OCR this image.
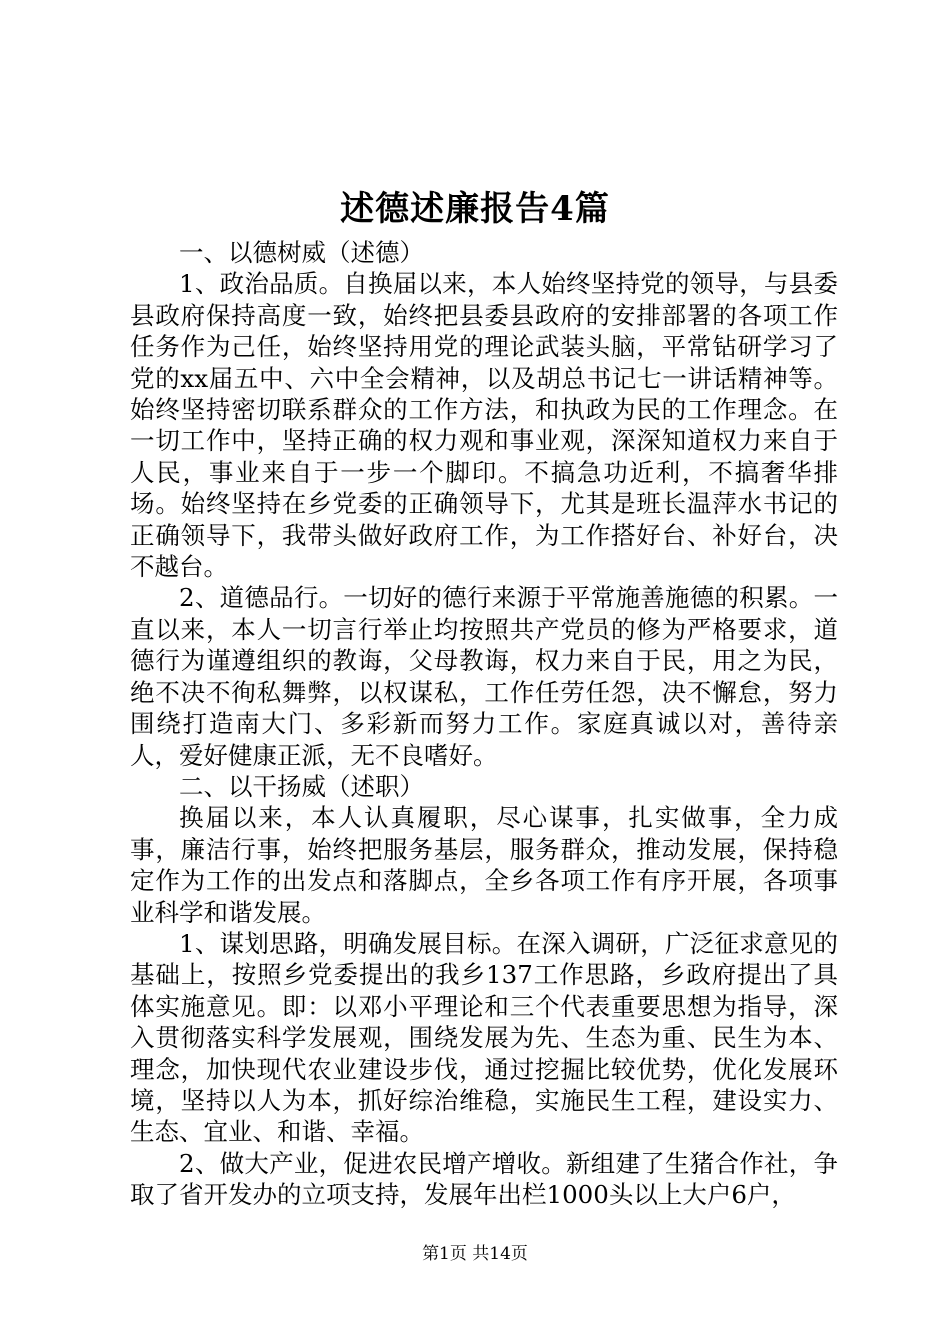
述德述廉报告4篇

一、以德树威（述德）

1、政治品质。自换届以来，本人始终坚持党的领导，与县委县政府保持高度一致，始终把县委县政府的安排部署的各项工作任务作为己任，始终坚持用党的理论武装头脑，平常钻研学习了党的xx届五中、六中全会精神，以及胡总书记七一讲话精神等。始终坚持密切联系群众的工作方法，和执政为民的工作理念。在一切工作中，坚持正确的权力观和事业观，深深知道权力来自于人民，事业来自于一步一个脚印。不搞急功近利，不搞奢华排场。始终坚持在乡党委的正确领导下，尤其是班长温萍水书记的正确领导下，我带头做好政府工作，为工作搭好台、补好台，决不越台。

2、道德品行。一切好的德行来源于平常施善施德的积累。一直以来，本人一切言行举止均按照共产党员的修为严格要求，道德行为谨遵组织的教诲，父母教诲，权力来自于民，用之为民，绝不决不徇私舞弊，以权谋私，工作任劳任怨，决不懈怠，努力围绕打造南大门、多彩新而努力工作。家庭真诚以对，善待亲人，爱好健康正派，无不良嗜好。

二、以干扬威（述职）

换届以来，本人认真履职，尽心谋事，扎实做事，全力成事，廉洁行事，始终把服务基层，服务群众，推动发展，保持稳定作为工作的出发点和落脚点，全乡各项工作有序开展，各项事业科学和谐发展。

1、谋划思路，明确发展目标。在深入调研，广泛征求意见的基础上，按照乡党委提出的我乡137工作思路，乡政府提出了具体实施意见。即：以邓小平理论和三个代表重要思想为指导，深入贯彻落实科学发展观，围绕发展为先、生态为重、民生为本、理念，加快现代农业建设步伐，通过挖掘比较优势，优化发展环境，坚持以人为本，抓好综治维稳，实施民生工程，建设实力、生态、宜业、和谐、幸福。

2、做大产业，促进农民增产增收。新组建了生猪合作社，争取了省开发办的立项支持，发展年出栏1000头以上大户6户，

第1页 共14页
